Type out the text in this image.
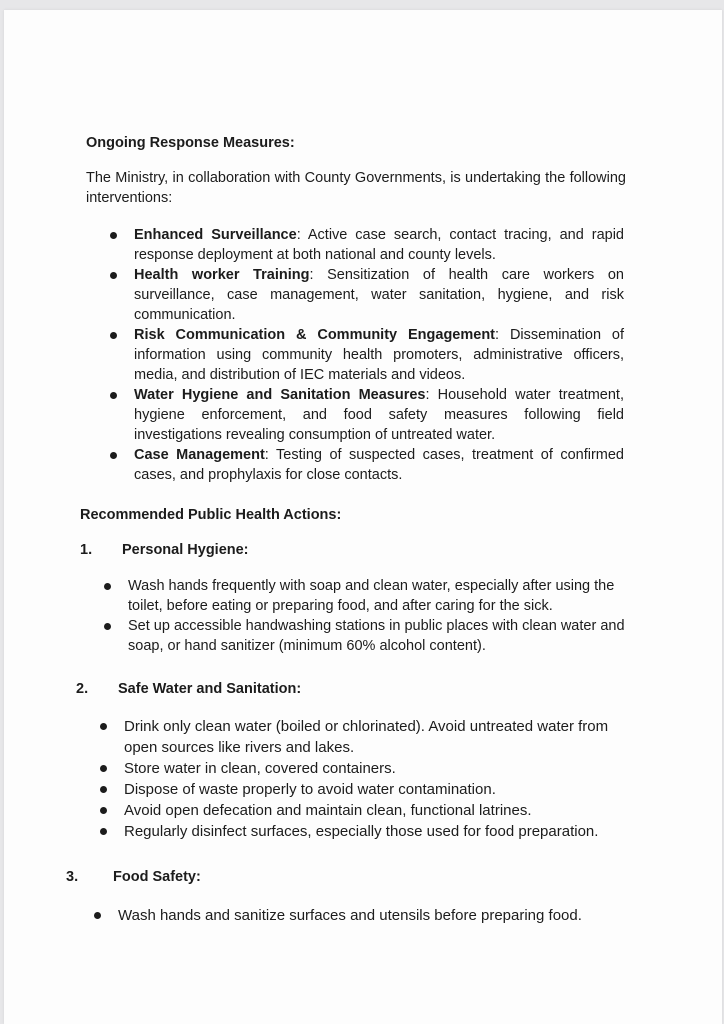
Ongoing Response Measures:
The Ministry, in collaboration with County Governments, is undertaking the following interventions:
Enhanced Surveillance: Active case search, contact tracing, and rapid response deployment at both national and county levels.
Health worker Training: Sensitization of health care workers on surveillance, case management, water sanitation, hygiene, and risk communication.
Risk Communication & Community Engagement: Dissemination of information using community health promoters, administrative officers, media, and distribution of IEC materials and videos.
Water Hygiene and Sanitation Measures: Household water treatment, hygiene enforcement, and food safety measures following field investigations revealing consumption of untreated water.
Case Management: Testing of suspected cases, treatment of confirmed cases, and prophylaxis for close contacts.
Recommended Public Health Actions:
1. Personal Hygiene:
Wash hands frequently with soap and clean water, especially after using the toilet, before eating or preparing food, and after caring for the sick.
Set up accessible handwashing stations in public places with clean water and soap, or hand sanitizer (minimum 60% alcohol content).
2. Safe Water and Sanitation:
Drink only clean water (boiled or chlorinated). Avoid untreated water from open sources like rivers and lakes.
Store water in clean, covered containers.
Dispose of waste properly to avoid water contamination.
Avoid open defecation and maintain clean, functional latrines.
Regularly disinfect surfaces, especially those used for food preparation.
3. Food Safety:
Wash hands and sanitize surfaces and utensils before preparing food.
